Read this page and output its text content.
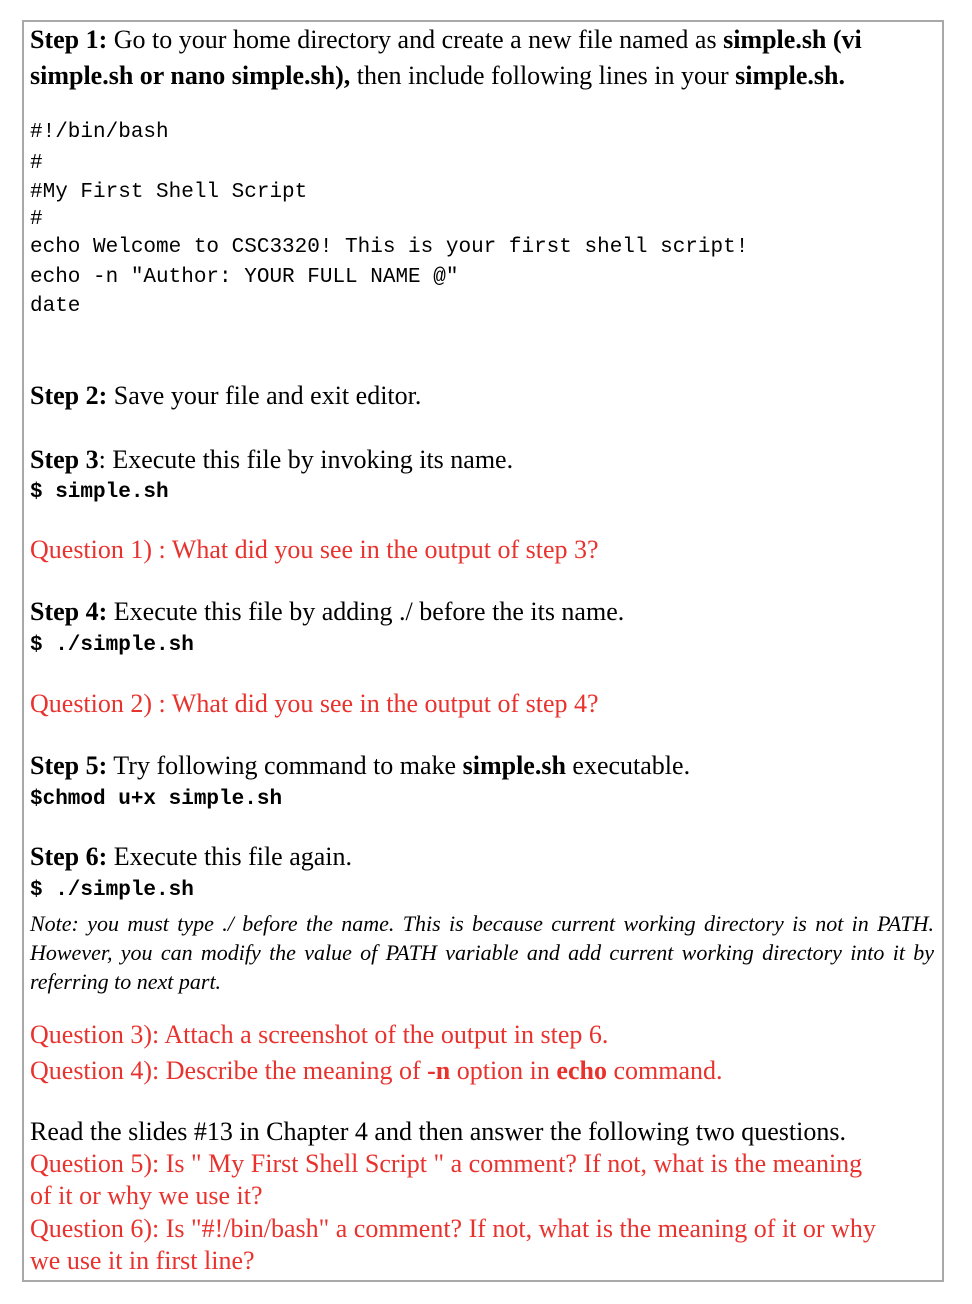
Step 1: Go to your home directory and create a new file named as simple.sh (vi

simple.sh or nano simple.sh), then include following lines in your simple.sh.

#!/bin/bash
#
#My First Shell Script
#
echo Welcome to CSC3320! This is your first shell script!
echo -n "Author: YOUR FULL NAME @"
date

Step 2: Save your file and exit editor.

Step 3: Execute this file by invoking its name.

$ simple.sh

Question 1) : What did you see in the output of step 3?

Step 4: Execute this file by adding ./ before the its name.

$ ./simple.sh

Question 2) : What did you see in the output of step 4?

Step 5: Try following command to make simple.sh executable.

$chmod u+x simple.sh

Step 6: Execute this file again.

$ ./simple.sh

Note: you must type ./ before the name. This is because current working directory is not in PATH. However, you can modify the value of PATH variable and add current working directory into it by referring to next part.

Question 3): Attach a screenshot of the output in step 6.

Question 4): Describe the meaning of -n option in echo command.

Read the slides #13 in Chapter 4 and then answer the following two questions.

Question 5): Is " My First Shell Script " a comment? If not, what is the meaning

of it or why we use it?

Question 6): Is "#!/bin/bash" a comment? If not, what is the meaning of it or why

we use it in first line?
